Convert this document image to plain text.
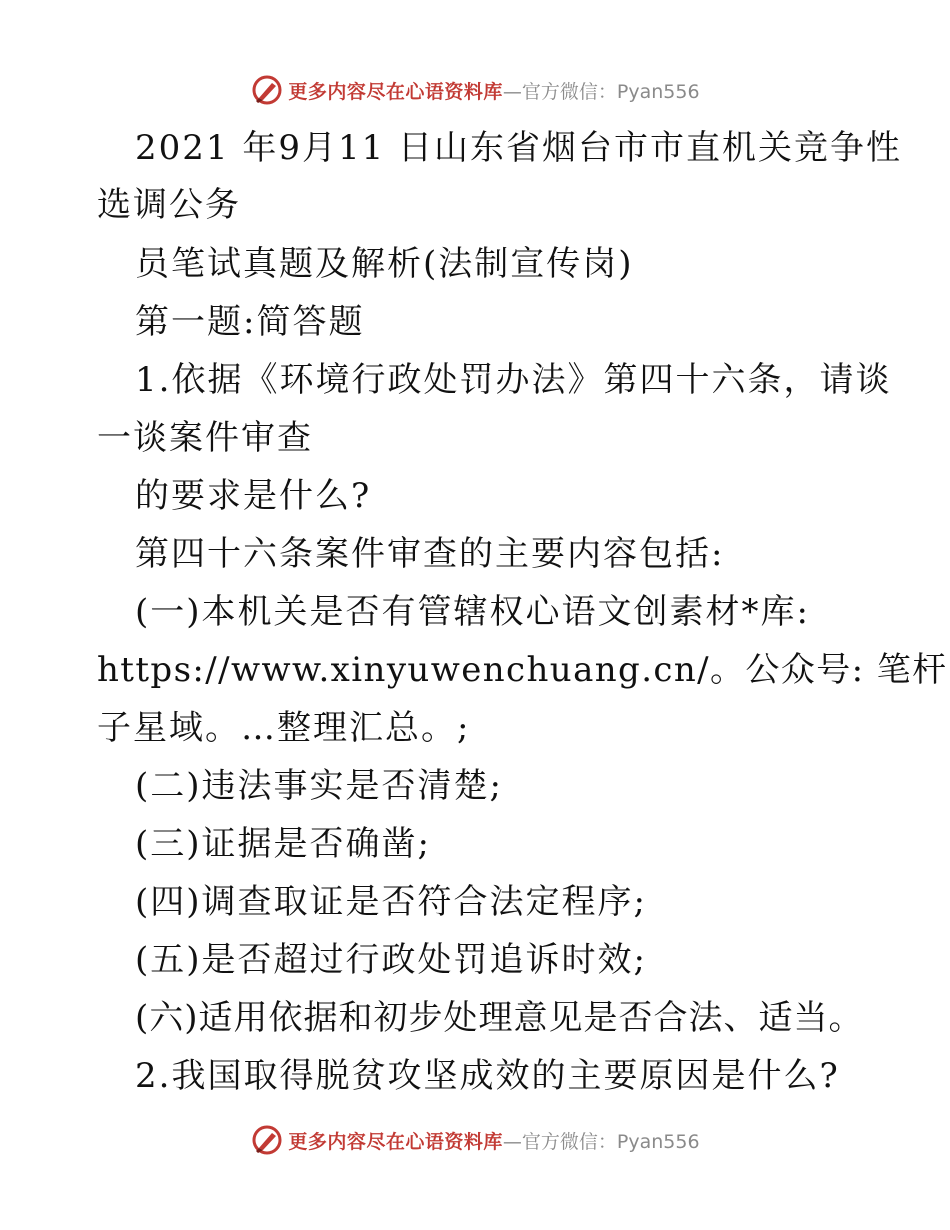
更多内容尽在心语资料库 —官方微信：Pyan556
2021 年9月11 日山东省烟台市市直机关竞争性
选调公务
员笔试真题及解析(法制宣传岗)
第一题:简答题
1.依据《环境行政处罚办法》第四十六条，请谈
一谈案件审查
的要求是什么?
第四十六条案件审查的主要内容包括:
(一)本机关是否有管辖权心语文创素材*库:
https://www.xinyuwenchuang.cn/。公众号: 笔杆
子星域。…整理汇总。;
(二)违法事实是否清楚;
(三)证据是否确凿;
(四)调查取证是否符合法定程序;
(五)是否超过行政处罚追诉时效;
(六)适用依据和初步处理意见是否合法、适当。
2.我国取得脱贫攻坚成效的主要原因是什么?
更多内容尽在心语资料库 —官方微信：Pyan556
